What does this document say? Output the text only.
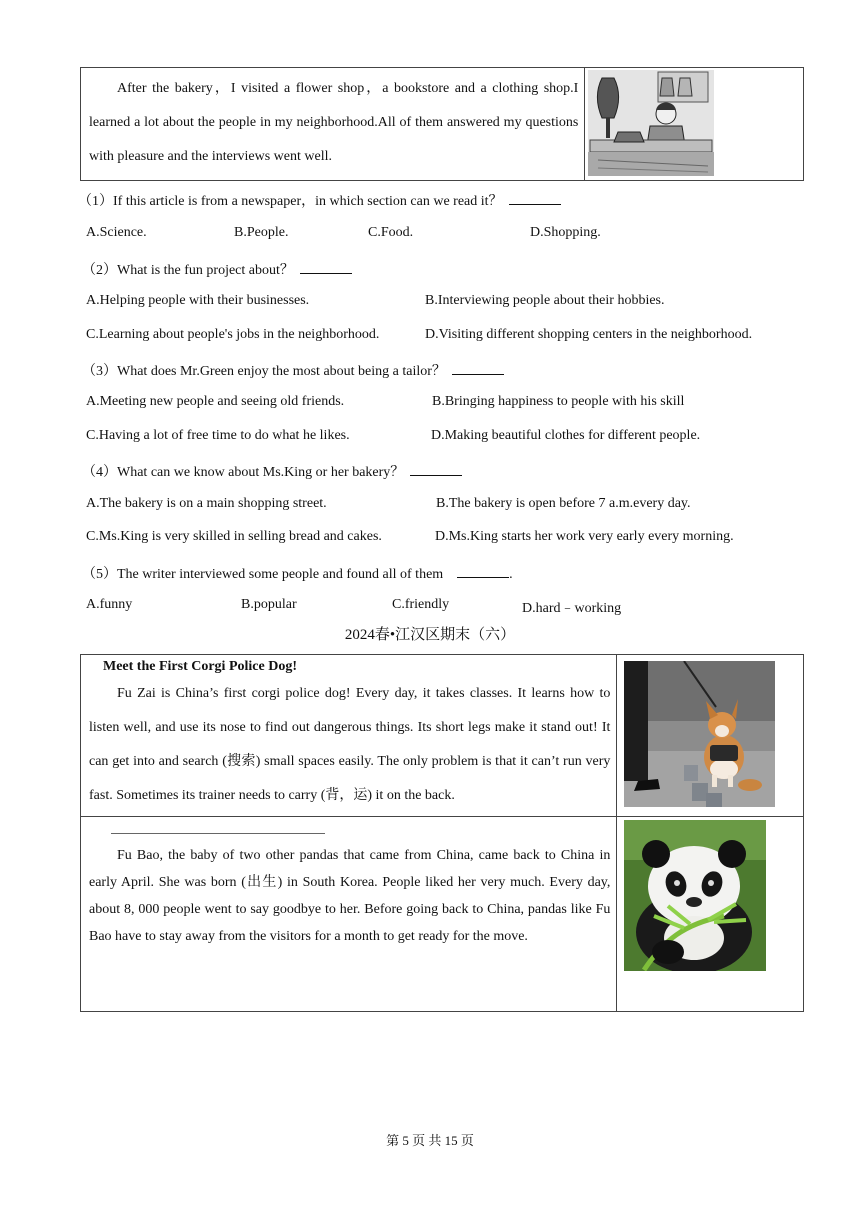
After the bakery，I visited a flower shop，a bookstore and a clothing shop.I learned a lot about the people in my neighborhood.All of them answered my questions with pleasure and the interviews went well.

（1）If this article is from a newspaper，in which section can we read it？
A.Science.	B.People.	C.Food.	D.Shopping.
（2）What is the fun project about？
A.Helping people with their businesses.	B.Interviewing people about their hobbies.
C.Learning about people's jobs in the neighborhood.	D.Visiting different shopping centers in the neighborhood.
（3）What does Mr.Green enjoy the most about being a tailor？
A.Meeting new people and seeing old friends.	B.Bringing happiness to people with his skill
C.Having a lot of free time to do what he likes.	D.Making beautiful clothes for different people.
（4）What can we know about Ms.King or her bakery？
A.The bakery is on a main shopping street.	B.The bakery is open before 7 a.m.every day.
C.Ms.King is very skilled in selling bread and cakes.	D.Ms.King starts her work very early every morning.
（5）The writer interviewed some people and found all of them	.
A.funny	B.popular	C.friendly	D.hard﹣working
2024春•江汉区期末（六）
Meet the First Corgi Police Dog!

Fu Zai is China’s first corgi police dog! Every day, it takes classes. It learns how to listen well, and use its nose to find out dangerous things. Its short legs make it stand out! It can get into and search (搜索) small spaces easily. The only problem is that it can’t run very fast. Sometimes its trainer needs to carry (背，运) it on the back.	

Fu Bao, the baby of two other pandas that came from China, came back to China in early April. She was born (出生) in South Korea. People liked her very much. Every day, about 8, 000 people went to say goodbye to her. Before going back to China, pandas like Fu Bao have to stay away from the visitors for a month to get ready for the move.	

第 5 页 共 15 页
